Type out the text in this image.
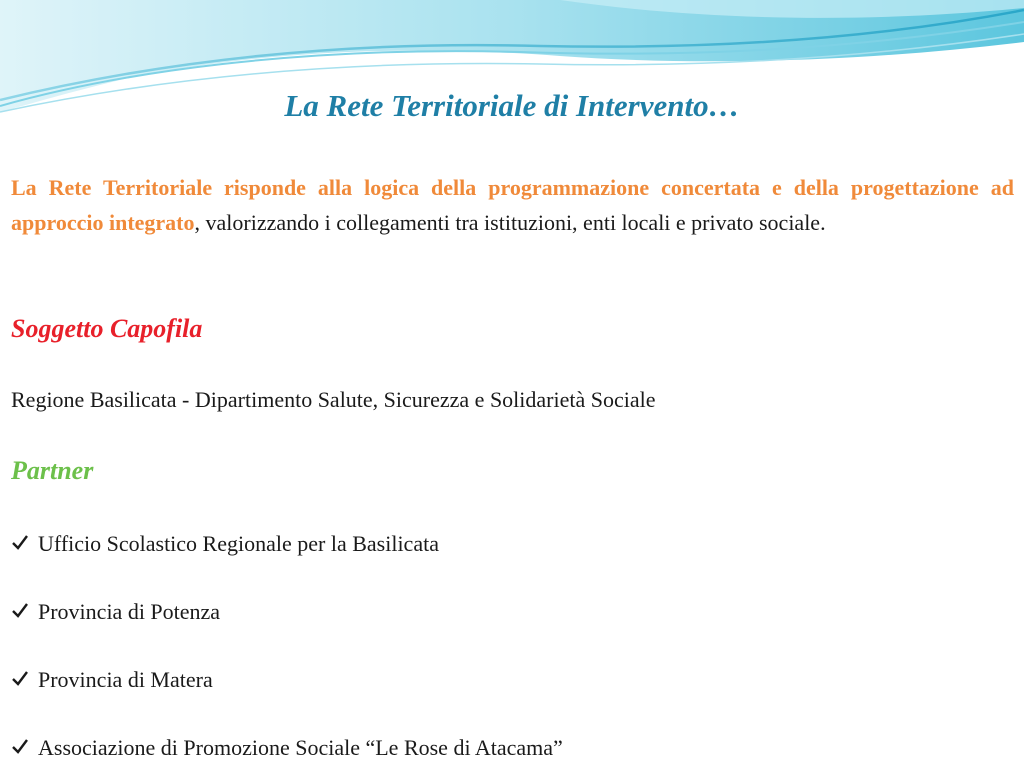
La Rete Territoriale di Intervento…
La Rete Territoriale risponde alla logica della programmazione concertata e della progettazione ad approccio integrato, valorizzando i collegamenti tra istituzioni, enti locali e privato sociale.
Soggetto Capofila
Regione Basilicata - Dipartimento Salute, Sicurezza e Solidarietà Sociale
Partner
Ufficio Scolastico Regionale per la Basilicata
Provincia di Potenza
Provincia di Matera
Associazione di Promozione Sociale “Le Rose di Atacama”
